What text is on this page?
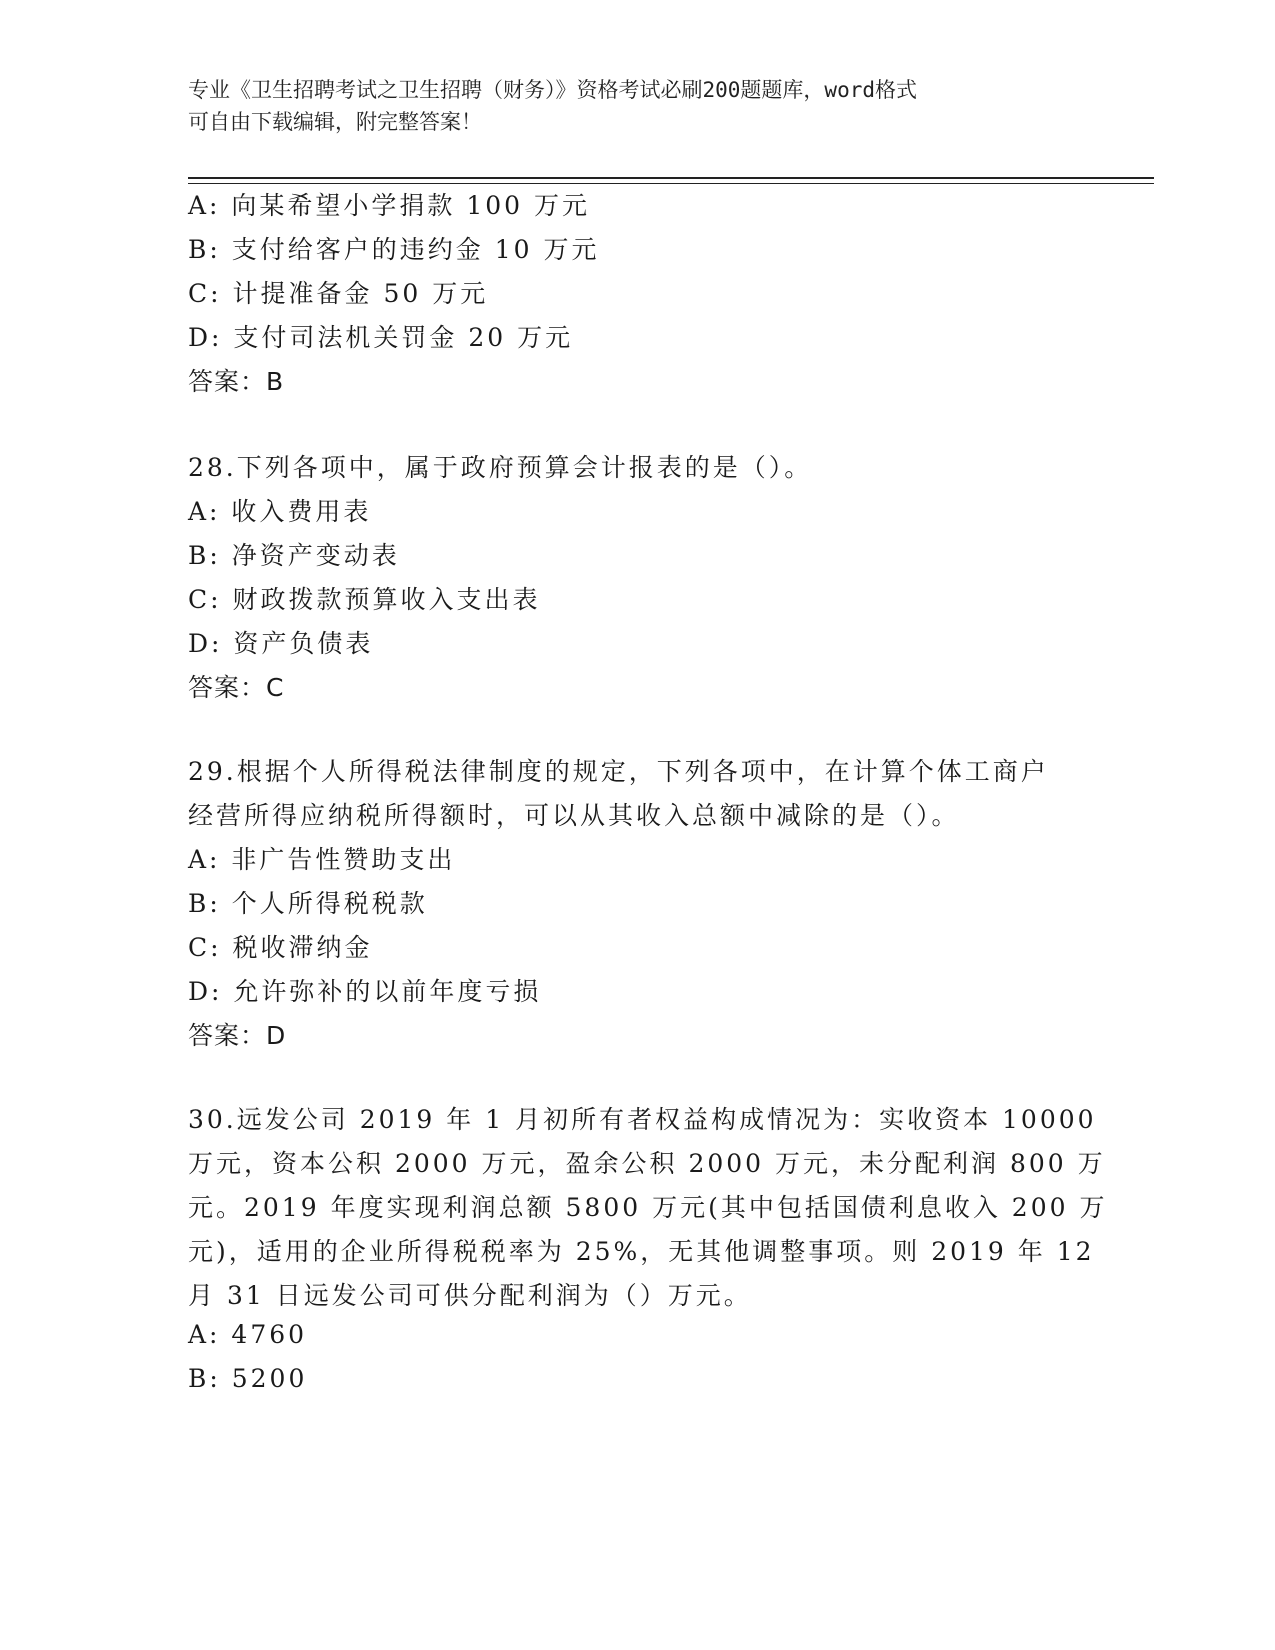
专业《卫生招聘考试之卫生招聘（财务）》资格考试必刷200题题库，word格式
可自由下载编辑，附完整答案！
A: 向某希望小学捐款 100 万元
B: 支付给客户的违约金 10 万元
C: 计提准备金 50 万元
D: 支付司法机关罚金 20 万元
答案：B
28.下列各项中，属于政府预算会计报表的是（）。
A: 收入费用表
B: 净资产变动表
C: 财政拨款预算收入支出表
D: 资产负债表
答案：C
29.根据个人所得税法律制度的规定，下列各项中，在计算个体工商户
经营所得应纳税所得额时，可以从其收入总额中减除的是（）。
A: 非广告性赞助支出
B: 个人所得税税款
C: 税收滞纳金
D: 允许弥补的以前年度亏损
答案：D
30.远发公司 2019 年 1 月初所有者权益构成情况为：实收资本 10000
万元，资本公积 2000 万元，盈余公积 2000 万元，未分配利润 800 万
元。2019 年度实现利润总额 5800 万元(其中包括国债利息收入 200 万
元)，适用的企业所得税税率为 25%，无其他调整事项。则 2019 年 12
月 31 日远发公司可供分配利润为（）万元。
A: 4760
B: 5200
